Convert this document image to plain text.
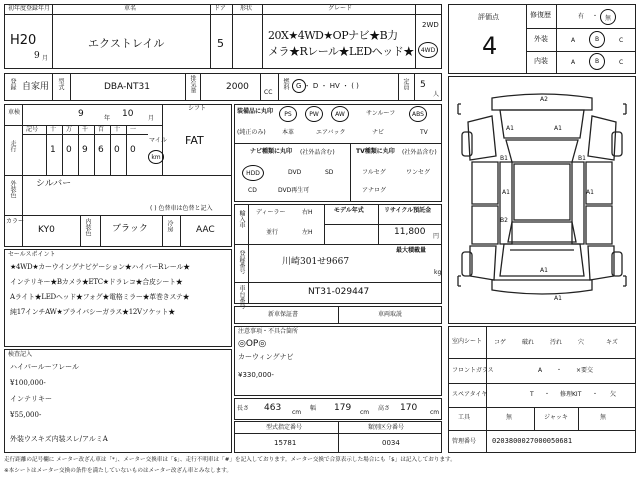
初年度登録年月
H20
9 月
車名
エクストレイル
ドア
5
形状	グレード
20X★4WD★OPナビ★B力
メラ★Rレール★LEDヘッド★
2WD
4WD
登録 自家用 型式	DBA-NT31	排気量	2000
CC
燃料 G ・ D ・ HV ・ ( )	定員 5
人
車検	9	年 10 月
シフト
FAT
走行
記号 十 万 千 百 十 一
1 0 9 6 0 0
マイル
km
外装色 シルバー
( ) 色替車は色替と記入
カラー
KY0	内装色 ブラック	冷房	AAC
装備品に丸印
(純正のみ)
PS	PW	AW	サンルーフ	ABS
本革	エアバック	ナビ	TV
ナビ種類に丸印 (社外品含む)
HDD	DVD	SD
CD	DVD再生可
TV種類に丸印 (社外品含む)
フルセグ	ワンセグ
アナログ
輸入車 ディーラー
並行
右H
左H
モデル年式	リサイクル預託金
11,800 円
最大積載量
kg
登録番号	川崎301せ9667
車台番号	NT31-029447
セールスポイント
★4WD★カーウイングナビゲーション★ハイパーRレール★
インテリキー★Bカメラ★ETC★ドラレコ★合皮シート★
Aライト★LEDヘッド★フォグ★電格ミラー★革巻きステ★
純17インチAW★プライバシーガラス★12Vソケット★	新車保証書	車両取説
注意事項・不具合箇所
◎OP◎
カーウィングナビ
¥330,000-
検査記入
ハイパールーフレール
¥100,000-
インテリキー
¥55,000-
外装ウスキズ内装スレ/アルミA
長さ 463 cm
幅 179 cm
高さ 170 cm
型式指定番号
15781
類別区分番号
0034
評価点
4
修復歴	有 ・ 無
外装	A	B	C
内装	A	B	C
A2
A1	A1
B1	B1
A1	A1
B2
A1
A1
室内シート コゲ	破れ	汚れ	穴	キズ
フロントガラス	A ・ ×要交
スペアタイヤ	T ・ 修理KIT ・ 欠
工具	無	ジャッキ	無
管理番号 0203800027000050681
走行距離の記号欄に メーター改ざん車は「*」、メーター交換車は「$」、走行不明車は「#」を記入しております。メーター交換で合算表示した場合にも「$」は記入しております。
※本シートはメーター交換の条件を満たしていないものはメーター改ざん車とみなします。
